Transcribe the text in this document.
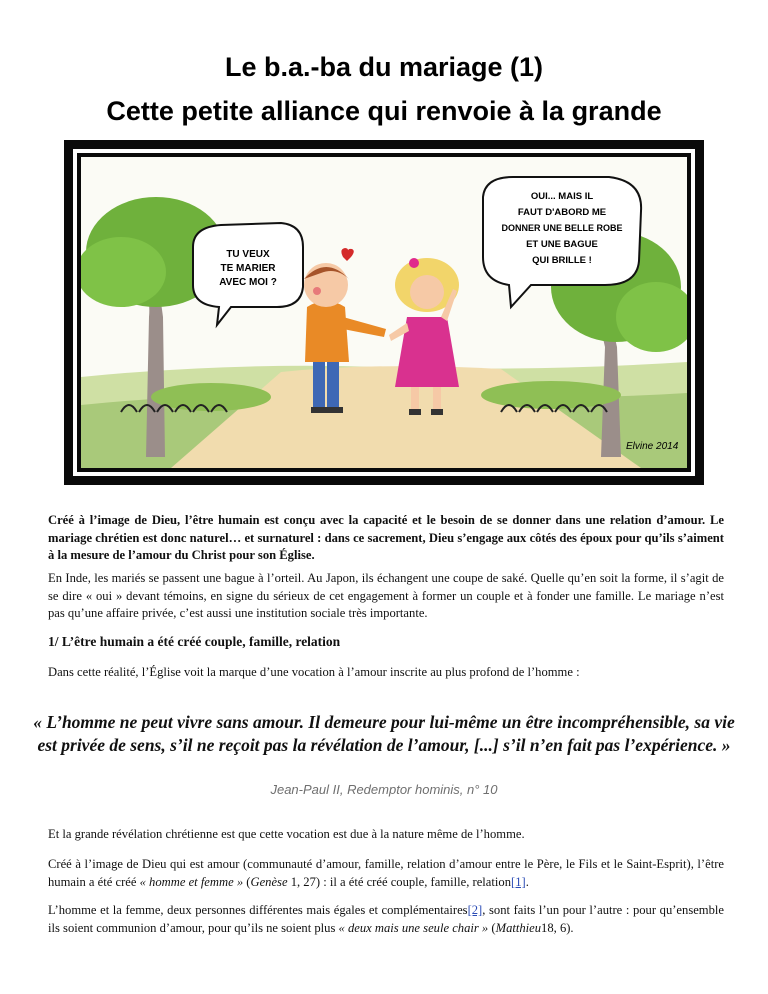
Le b.a.-ba du mariage (1)
Cette petite alliance qui renvoie à la grande
TU VEUX
TE MARIER
AVEC MOI ?
OUI... MAIS IL
FAUT D'ABORD ME
DONNER UNE BELLE ROBE
ET UNE BAGUE
QUI BRILLE !
Elvine 2014
Créé à l’image de Dieu, l’être humain est conçu avec la capacité et le besoin de se donner dans une relation d’amour. Le mariage chrétien est donc naturel… et surnaturel : dans ce sacrement, Dieu s’engage aux côtés des époux pour qu’ils s’aiment à la mesure de l’amour du Christ pour son Église.
En Inde, les mariés se passent une bague à l’orteil. Au Japon, ils échangent une coupe de saké. Quelle qu’en soit la forme, il s’agit de se dire « oui » devant témoins, en signe du sérieux de cet engagement à former un couple et à fonder une famille. Le mariage n’est pas qu’une affaire privée, c’est aussi une institution sociale très importante.
1/ L’être humain a été créé couple, famille, relation
Dans cette réalité, l’Église voit la marque d’une vocation à l’amour inscrite au plus profond de l’homme :
« L’homme ne peut vivre sans amour. Il demeure pour lui-même un être incompréhensible, sa vie est privée de sens, s’il ne reçoit pas la révélation de l’amour, [...] s’il n’en fait pas l’expérience. »
Jean-Paul II, Redemptor hominis, n° 10
Et la grande révélation chrétienne est que cette vocation est due à la nature même de l’homme.
Créé à l’image de Dieu qui est amour (communauté d’amour, famille, relation d’amour entre le Père, le Fils et le Saint-Esprit), l’être humain a été créé « homme et femme » (Genèse 1, 27) : il a été créé couple, famille, relation[1].
L’homme et la femme, deux personnes différentes mais égales et complémentaires[2], sont faits l’un pour l’autre : pour qu’ensemble ils soient communion d’amour, pour qu’ils ne soient plus « deux mais une seule chair » (Matthieu18, 6).
